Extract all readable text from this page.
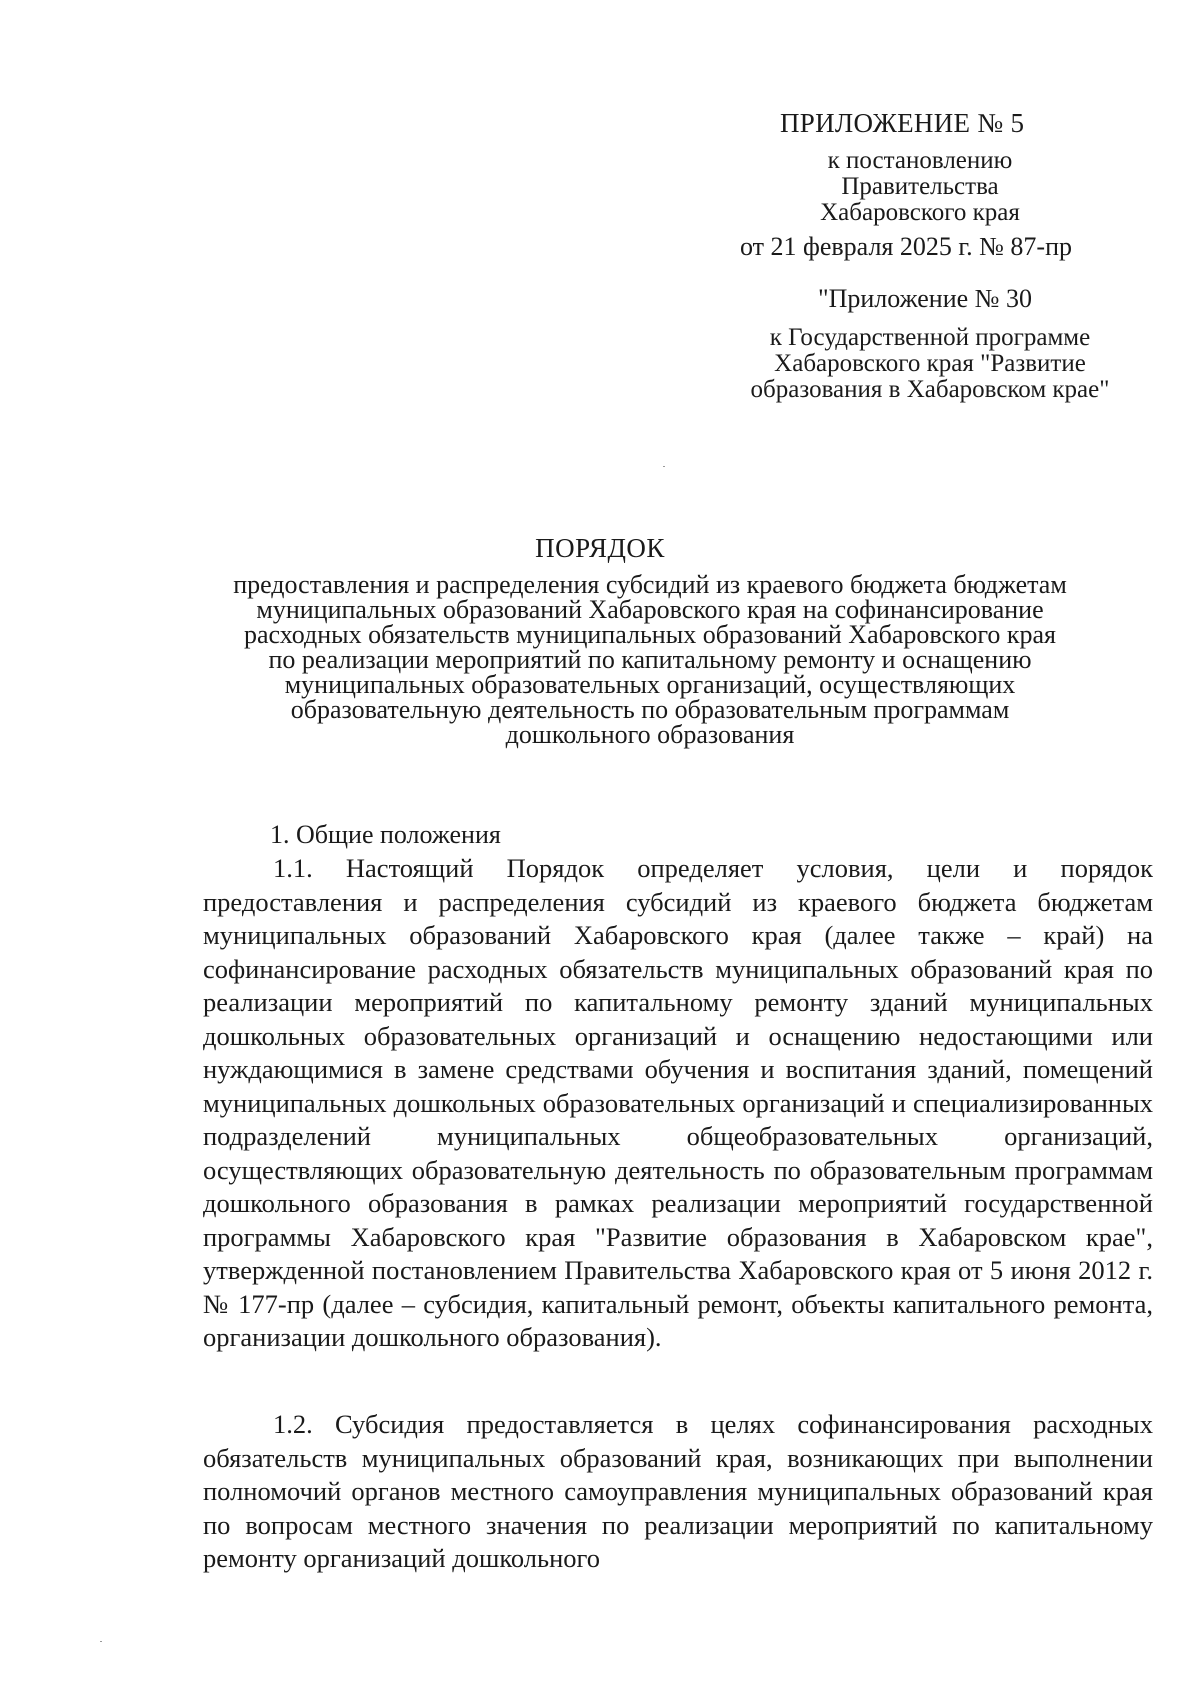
ПРИЛОЖЕНИЕ № 5
к постановлению
Правительства
Хабаровского края
от 21 февраля 2025 г. № 87-пр
"Приложение № 30
к Государственной программе
Хабаровского края "Развитие
образования в Хабаровском крае"
ПОРЯДОК
предоставления и распределения субсидий из краевого бюджета бюджетам
муниципальных образований Хабаровского края на софинансирование
расходных обязательств муниципальных образований Хабаровского края
по реализации мероприятий по капитальному ремонту и оснащению
муниципальных образовательных организаций, осуществляющих
образовательную деятельность по образовательным программам
дошкольного образования
1. Общие положения
1.1. Настоящий Порядок определяет условия, цели и порядок предоставления и распределения субсидий из краевого бюджета бюджетам муниципальных образований Хабаровского края (далее также – край) на софинансирование расходных обязательств муниципальных образований края по реализации мероприятий по капитальному ремонту зданий муниципальных дошкольных образовательных организаций и оснащению недостающими или нуждающимися в замене средствами обучения и воспитания зданий, помещений муниципальных дошкольных образовательных организаций и специализированных подразделений муниципальных общеобразовательных организаций, осуществляющих образовательную деятельность по образовательным программам дошкольного образования в рамках реализации мероприятий государственной программы Хабаровского края "Развитие образования в Хабаровском крае", утвержденной постановлением Правительства Хабаровского края от 5 июня 2012 г. № 177-пр (далее – субсидия, капитальный ремонт, объекты капитального ремонта, организации дошкольного образования).
1.2. Субсидия предоставляется в целях софинансирования расходных обязательств муниципальных образований края, возникающих при выполнении полномочий органов местного самоуправления муниципальных образований края по вопросам местного значения по реализации мероприятий по капитальному ремонту организаций дошкольного
